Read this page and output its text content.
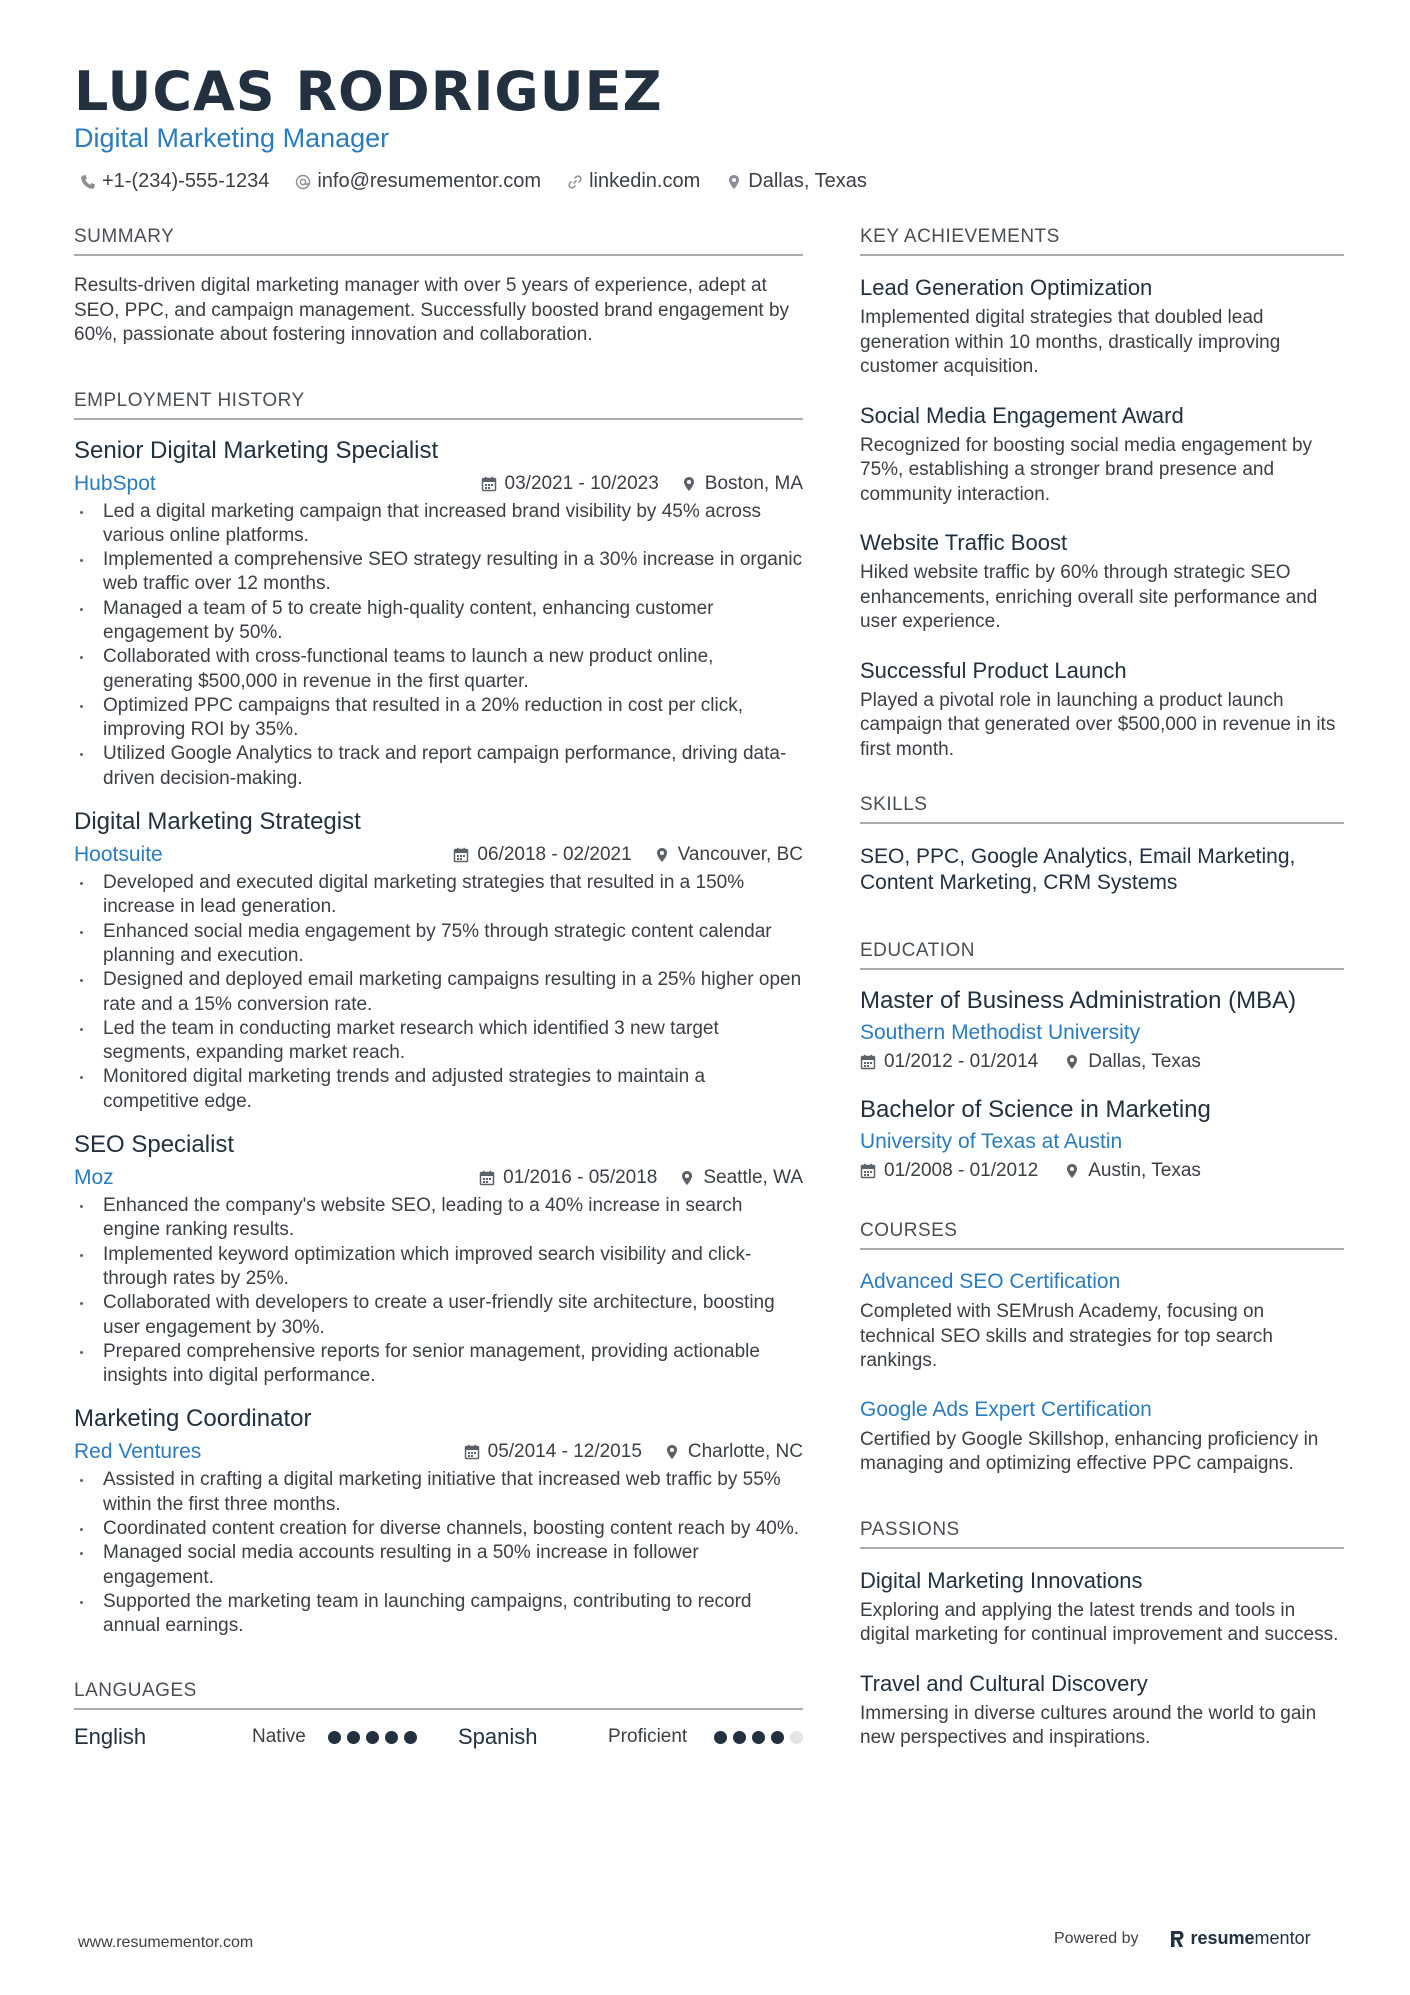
LUCAS RODRIGUEZ
Digital Marketing Manager
+1-(234)-555-1234 info@resumementor.com linkedin.com Dallas, Texas
SUMMARY
Results-driven digital marketing manager with over 5 years of experience, adept at SEO, PPC, and campaign management. Successfully boosted brand engagement by 60%, passionate about fostering innovation and collaboration.
EMPLOYMENT HISTORY
Senior Digital Marketing Specialist
HubSpot	03/2021 - 10/2023 Boston, MA
Led a digital marketing campaign that increased brand visibility by 45% across various online platforms.
Implemented a comprehensive SEO strategy resulting in a 30% increase in organic web traffic over 12 months.
Managed a team of 5 to create high-quality content, enhancing customer engagement by 50%.
Collaborated with cross-functional teams to launch a new product online, generating $500,000 in revenue in the first quarter.
Optimized PPC campaigns that resulted in a 20% reduction in cost per click, improving ROI by 35%.
Utilized Google Analytics to track and report campaign performance, driving data-driven decision-making.
Digital Marketing Strategist
Hootsuite	06/2018 - 02/2021 Vancouver, BC
Developed and executed digital marketing strategies that resulted in a 150% increase in lead generation.
Enhanced social media engagement by 75% through strategic content calendar planning and execution.
Designed and deployed email marketing campaigns resulting in a 25% higher open rate and a 15% conversion rate.
Led the team in conducting market research which identified 3 new target segments, expanding market reach.
Monitored digital marketing trends and adjusted strategies to maintain a competitive edge.
SEO Specialist
Moz	01/2016 - 05/2018 Seattle, WA
Enhanced the company's website SEO, leading to a 40% increase in search engine ranking results.
Implemented keyword optimization which improved search visibility and click-through rates by 25%.
Collaborated with developers to create a user-friendly site architecture, boosting user engagement by 30%.
Prepared comprehensive reports for senior management, providing actionable insights into digital performance.
Marketing Coordinator
Red Ventures	05/2014 - 12/2015 Charlotte, NC
Assisted in crafting a digital marketing initiative that increased web traffic by 55% within the first three months.
Coordinated content creation for diverse channels, boosting content reach by 40%.
Managed social media accounts resulting in a 50% increase in follower engagement.
Supported the marketing team in launching campaigns, contributing to record annual earnings.
LANGUAGES
English	Native	Spanish	Proficient
KEY ACHIEVEMENTS
Lead Generation Optimization
Implemented digital strategies that doubled lead generation within 10 months, drastically improving customer acquisition.
Social Media Engagement Award
Recognized for boosting social media engagement by 75%, establishing a stronger brand presence and community interaction.
Website Traffic Boost
Hiked website traffic by 60% through strategic SEO enhancements, enriching overall site performance and user experience.
Successful Product Launch
Played a pivotal role in launching a product launch campaign that generated over $500,000 in revenue in its first month.
SKILLS
SEO, PPC, Google Analytics, Email Marketing, Content Marketing, CRM Systems
EDUCATION
Master of Business Administration (MBA)
Southern Methodist University
01/2012 - 01/2014	Dallas, Texas
Bachelor of Science in Marketing
University of Texas at Austin
01/2008 - 01/2012	Austin, Texas
COURSES
Advanced SEO Certification
Completed with SEMrush Academy, focusing on technical SEO skills and strategies for top search rankings.
Google Ads Expert Certification
Certified by Google Skillshop, enhancing proficiency in managing and optimizing effective PPC campaigns.
PASSIONS
Digital Marketing Innovations
Exploring and applying the latest trends and tools in digital marketing for continual improvement and success.
Travel and Cultural Discovery
Immersing in diverse cultures around the world to gain new perspectives and inspirations.
www.resumementor.com	Powered by	resumementor
